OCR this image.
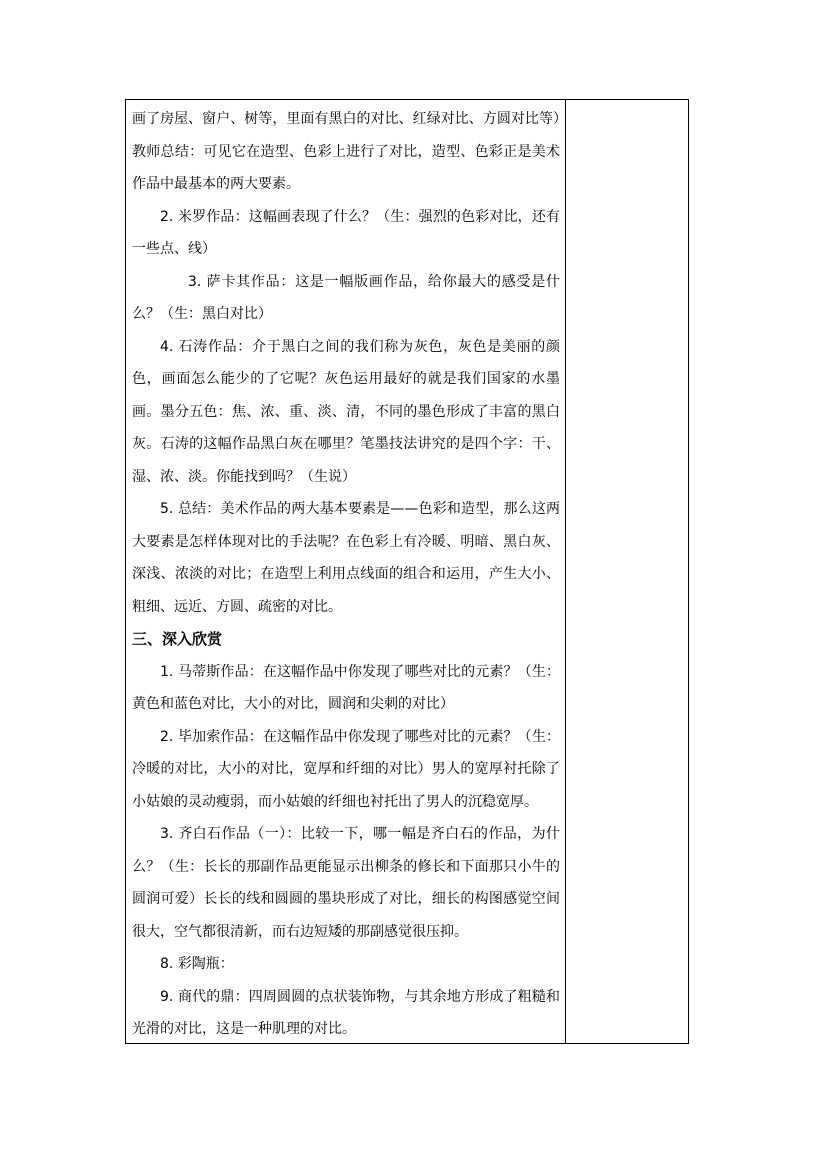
画了房屋、窗户、树等，里面有黑白的对比、红绿对比、方圆对比等）教师总结：可见它在造型、色彩上进行了对比，造型、色彩正是美术作品中最基本的两大要素。

2. 米罗作品：这幅画表现了什么？（生：强烈的色彩对比，还有一些点、线）

3. 萨卡其作品：这是一幅版画作品，给你最大的感受是什么？（生：黑白对比）

4. 石涛作品：介于黑白之间的我们称为灰色，灰色是美丽的颜色，画面怎么能少的了它呢？灰色运用最好的就是我们国家的水墨画。墨分五色：焦、浓、重、淡、清，不同的墨色形成了丰富的黑白灰。石涛的这幅作品黑白灰在哪里？笔墨技法讲究的是四个字：干、湿、浓、淡。你能找到吗？（生说）

5. 总结：美术作品的两大基本要素是——色彩和造型，那么这两大要素是怎样体现对比的手法呢？在色彩上有冷暖、明暗、黑白灰、深浅、浓淡的对比；在造型上利用点线面的组合和运用，产生大小、粗细、远近、方圆、疏密的对比。

三、深入欣赏

1. 马蒂斯作品：在这幅作品中你发现了哪些对比的元素？（生：黄色和蓝色对比，大小的对比，圆润和尖刺的对比）

2. 毕加索作品：在这幅作品中你发现了哪些对比的元素？（生：冷暖的对比，大小的对比，宽厚和纤细的对比）男人的宽厚衬托除了小姑娘的灵动瘦弱，而小姑娘的纤细也衬托出了男人的沉稳宽厚。

3. 齐白石作品（一）：比较一下，哪一幅是齐白石的作品，为什么？（生：长长的那副作品更能显示出柳条的修长和下面那只小牛的圆润可爱）长长的线和圆圆的墨块形成了对比，细长的构图感觉空间很大，空气都很清新，而右边短矮的那副感觉很压抑。

8. 彩陶瓶：

9. 商代的鼎：四周圆圆的点状装饰物，与其余地方形成了粗糙和光滑的对比，这是一种肌理的对比。
